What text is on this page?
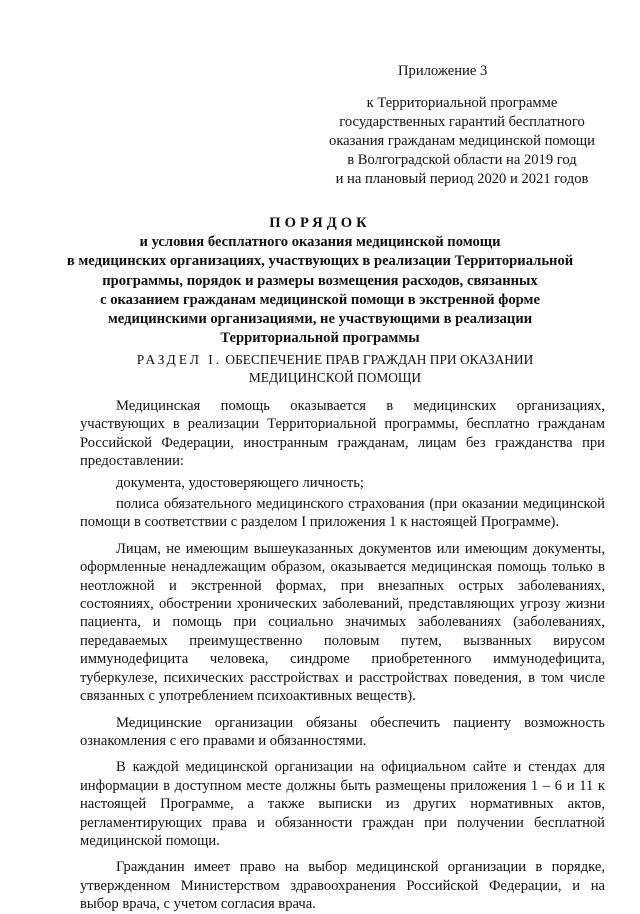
Приложение 3
к Территориальной программе
государственных гарантий бесплатного
оказания гражданам медицинской помощи
в Волгоградской области на 2019 год
и на плановый период 2020 и 2021 годов
ПОРЯДОК
и условия бесплатного оказания медицинской помощи
в медицинских организациях, участвующих в реализации Территориальной
программы, порядок и размеры возмещения расходов, связанных
с оказанием гражданам медицинской помощи в экстренной форме
медицинскими организациями, не участвующими в реализации
Территориальной программы
РАЗДЕЛ I. ОБЕСПЕЧЕНИЕ ПРАВ ГРАЖДАН ПРИ ОКАЗАНИИ
МЕДИЦИНСКОЙ ПОМОЩИ

Медицинская помощь оказывается в медицинских организациях, участвующих в реализации Территориальной программы, бесплатно гражданам Российской Федерации, иностранным гражданам, лицам без гражданства при предоставлении:

документа, удостоверяющего личность;

полиса обязательного медицинского страхования (при оказании медицинской помощи в соответствии с разделом I приложения 1 к настоящей Программе).

Лицам, не имеющим вышеуказанных документов или имеющим документы, оформленные ненадлежащим образом, оказывается медицинская помощь только в неотложной и экстренной формах, при внезапных острых заболеваниях, состояниях, обострении хронических заболеваний, представляющих угрозу жизни пациента, и помощь при социально значимых заболеваниях (заболеваниях, передаваемых преимущественно половым путем, вызванных вирусом иммунодефицита человека, синдроме приобретенного иммунодефицита, туберкулезе, психических расстройствах и расстройствах поведения, в том числе связанных с употреблением психоактивных веществ).

Медицинские организации обязаны обеспечить пациенту возможность ознакомления с его правами и обязанностями.

В каждой медицинской организации на официальном сайте и стендах для информации в доступном месте должны быть размещены приложения 1 – 6 и 11 к настоящей Программе, а также выписки из других нормативных актов, регламентирующих права и обязанности граждан при получении бесплатной медицинской помощи.

Гражданин имеет право на выбор медицинской организации в порядке, утвержденном Министерством здравоохранения Российской Федерации, и на выбор врача, с учетом согласия врача.
